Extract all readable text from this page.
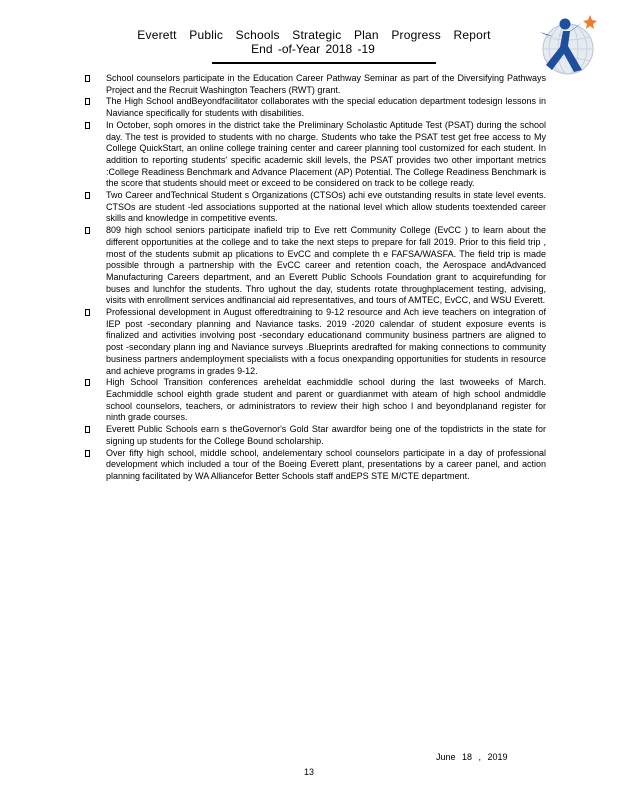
Everett Public Schools Strategic Plan Progress Report
End -of-Year 2018 -19
School counselors participate in the Education Career Pathway Seminar as part of the Diversifying Pathways Project and the Recruit Washington Teachers (RWT) grant.
The High School andBeyondfacilitator collaborates with the special education department todesign lessons in Naviance specifically for students with disabilities.
In October, soph omores in the district take the Preliminary Scholastic Aptitude Test (PSAT) during the school day. The test is provided to students with no charge. Students who take the PSAT test get free access to My College QuickStart, an online college training center and career planning tool customized for each student. In addition to reporting students' specific academic skill levels, the PSAT provides two other important metrics :College Readiness Benchmark and Advance Placement (AP) Potential. The College Readiness Benchmark is the score that students should meet or exceed to be considered on track to be college ready.
Two Career andTechnical Student s Organizations (CTSOs) achi eve outstanding results in state level events. CTSOs are student -led associations supported at the national level which allow students toextended career skills and knowledge in competitive events.
809 high school seniors participate inafield trip to Eve rett Community College (EvCC ) to learn about the different opportunities at the college and to take the next steps to prepare for fall 2019. Prior to this field trip , most of the students submit ap plications to EvCC and complete th e FAFSA/WASFA. The field trip is made possible through a partnership with the EvCC career and retention coach, the Aerospace andAdvanced Manufacturing Careers department, and an Everett Public Schools Foundation grant to acquirefunding for buses and lunchfor the students. Thro ughout the day, students rotate throughplacement testing, advising, visits with enrollment services andfinancial aid representatives, and tours of AMTEC, EvCC, and WSU Everett.
Professional development in August offeredtraining to 9-12 resource and Ach ieve teachers on integration of IEP post -secondary planning and Naviance tasks. 2019 -2020 calendar of student exposure events is finalized and activities involving post -secondary educationand community business partners are aligned to post -secondary plann ing and Naviance surveys .Blueprints aredrafted for making connections to community business partners andemployment specialists with a focus onexpanding opportunities for students in resource and achieve programs in grades 9-12.
High School Transition conferences areheldat eachmiddle school during the last twoweeks of March. Eachmiddle school eighth grade student and parent or guardianmet with ateam of high school andmiddle school counselors, teachers, or administrators to review their high schoo l and beyondplanand register for ninth grade courses.
Everett Public Schools earn s theGovernor's Gold Star awardfor being one of the topdistricts in the state for signing up students for the College Bound scholarship.
Over fifty high school, middle school, andelementary school counselors participate in a day of professional development which included a tour of the Boeing Everett plant, presentations by a career panel, and action planning facilitated by WA Alliancefor Better Schools staff andEPS STE M/CTE department.
June 18 , 2019
13
